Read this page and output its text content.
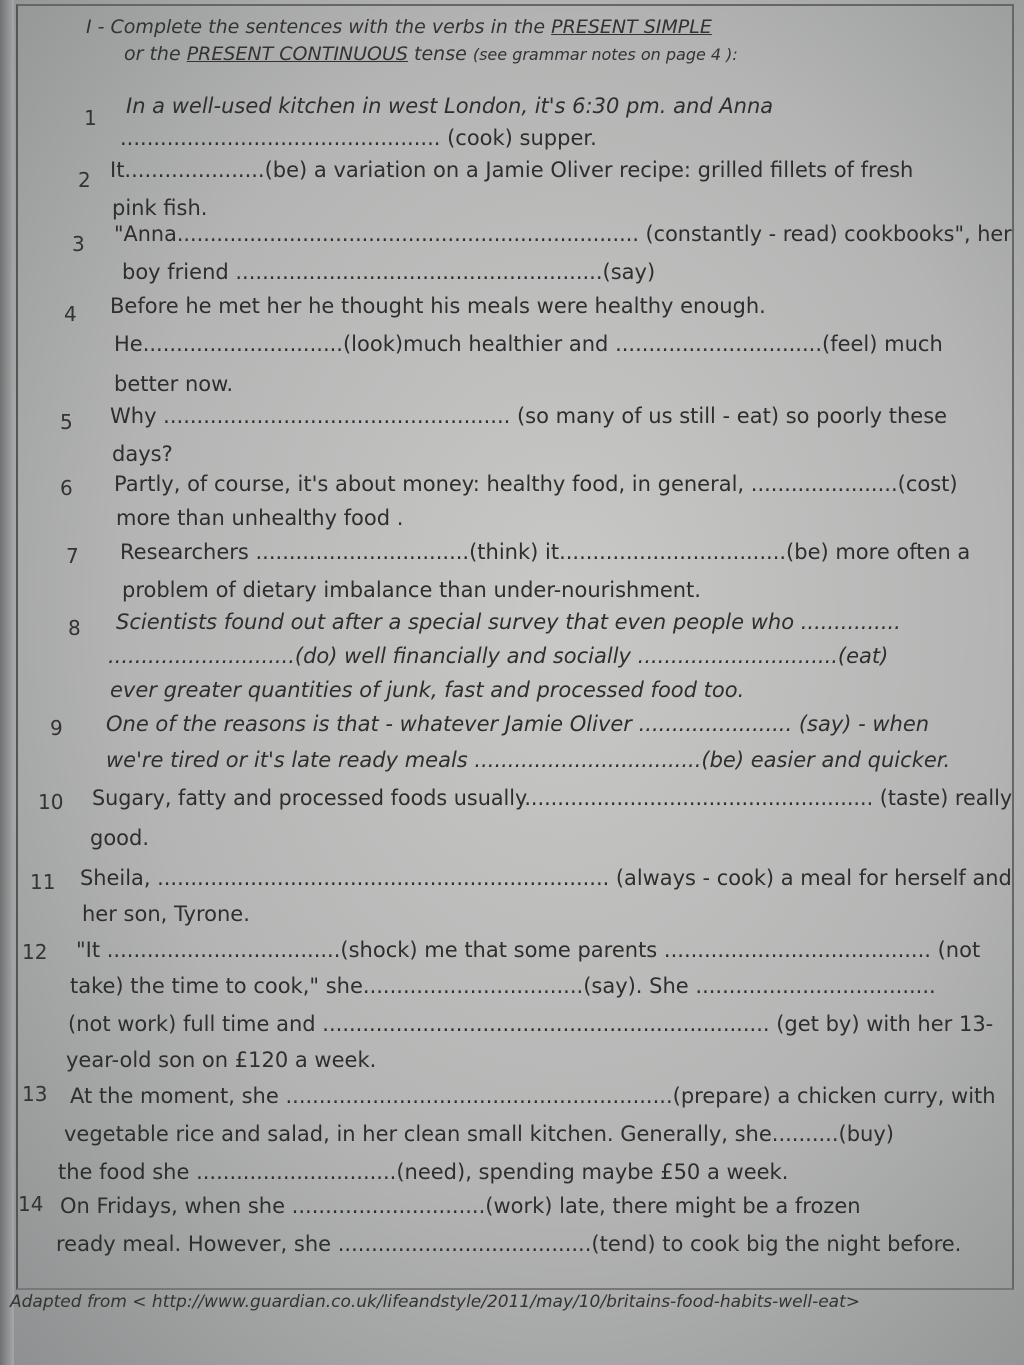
I - Complete the sentences with the verbs in the PRESENT SIMPLE
or the PRESENT CONTINUOUS tense (see grammar notes on page 4 ):
1 In a well-used kitchen in west London, it's 6:30 pm. and Anna
................................................ (cook) supper.
2 It.....................(be) a variation on a Jamie Oliver recipe: grilled fillets of fresh
pink fish.
3 "Anna...................................................................... (constantly - read) cookbooks", her
boy friend .......................................................(say)
4 Before he met her he thought his meals were healthy enough.
He..............................(look)much healthier and ...............................(feel) much
better now.
5 Why .................................................... (so many of us still - eat) so poorly these
days?
6 Partly, of course, it's about money: healthy food, in general, ......................(cost)
more than unhealthy food .
7 Researchers ................................(think) it..................................(be) more often a
problem of dietary imbalance than under-nourishment.
8 Scientists found out after a special survey that even people who ...............
............................(do) well financially and socially ..............................(eat)
ever greater quantities of junk, fast and processed food too.
9 One of the reasons is that - whatever Jamie Oliver ....................... (say) - when
we're tired or it's late ready meals ..................................(be) easier and quicker.
10 Sugary, fatty and processed foods usually..................................................... (taste) really
good.
11 Sheila, .................................................................... (always - cook) a meal for herself and
her son, Tyrone.
12 "It ...................................(shock) me that some parents ........................................ (not
take) the time to cook," she.................................(say). She ....................................
(not work) full time and ................................................................... (get by) with her 13-
year-old son on £120 a week.
13 At the moment, she ..........................................................(prepare) a chicken curry, with
vegetable rice and salad, in her clean small kitchen. Generally, she..........(buy)
the food she ..............................(need), spending maybe £50 a week.
14 On Fridays, when she .............................(work) late, there might be a frozen
ready meal. However, she ......................................(tend) to cook big the night before.
Adapted from < http://www.guardian.co.uk/lifeandstyle/2011/may/10/britains-food-habits-well-eat>
